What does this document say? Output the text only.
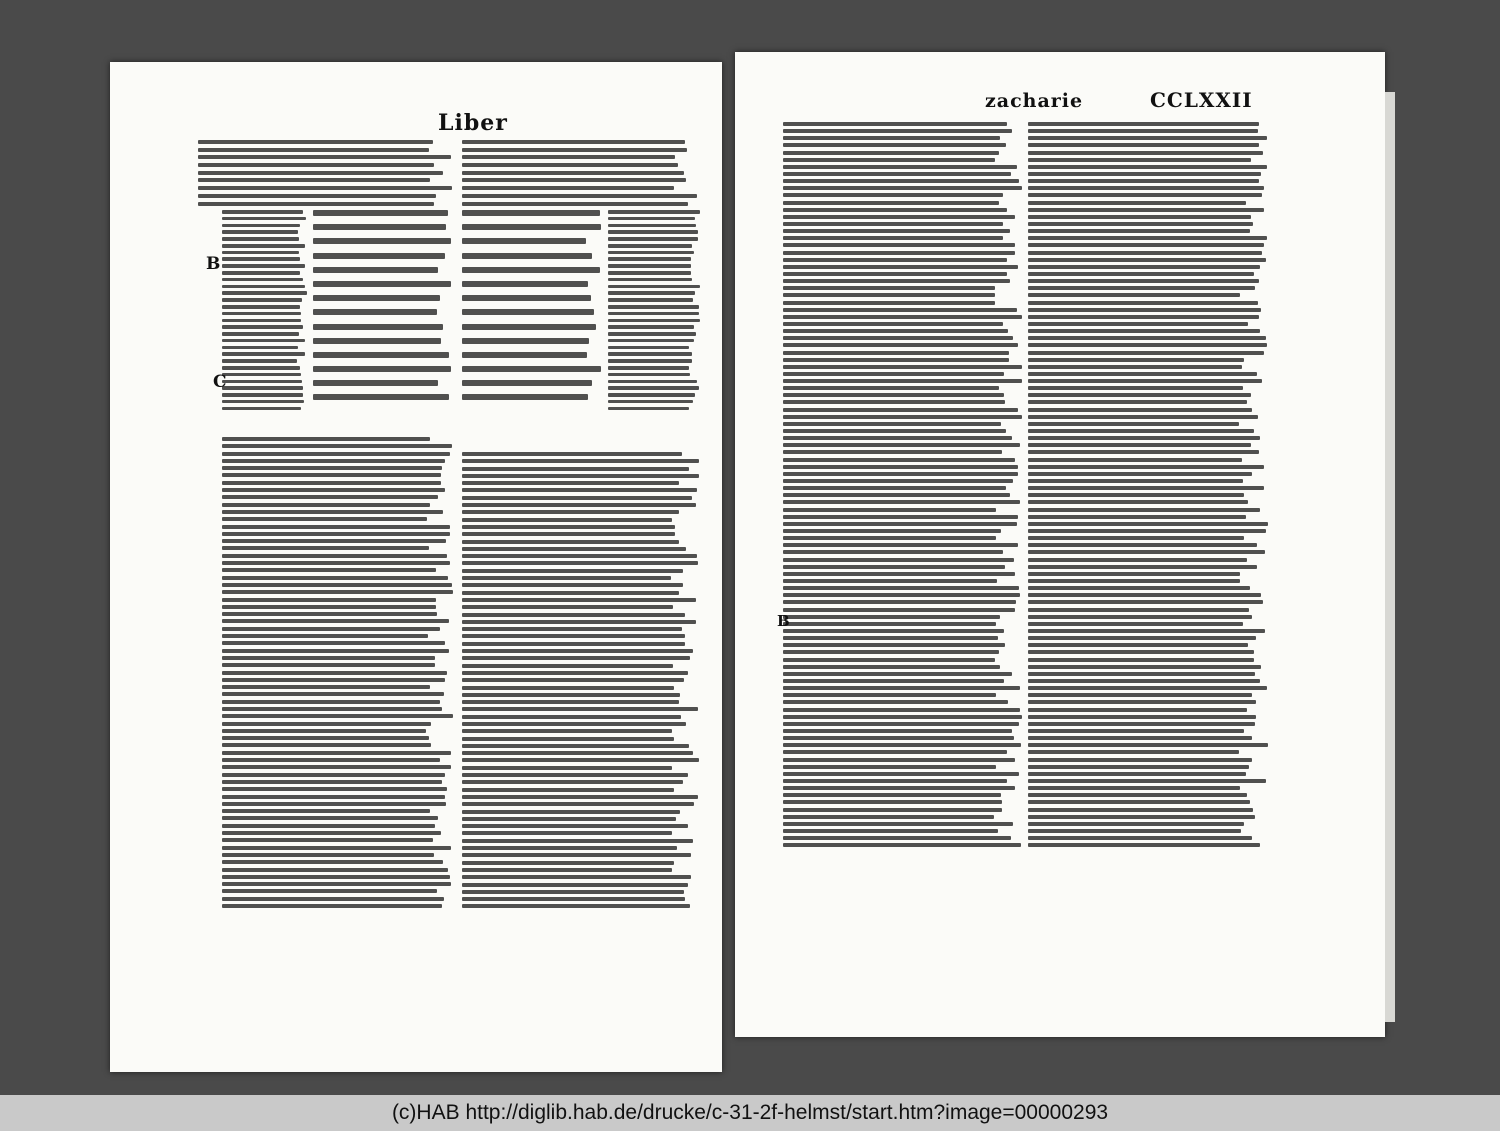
Liber
B
C
zacharie	CCLXXII
B
(c)HAB http://diglib.hab.de/drucke/c-31-2f-helmst/start.htm?image=00000293
